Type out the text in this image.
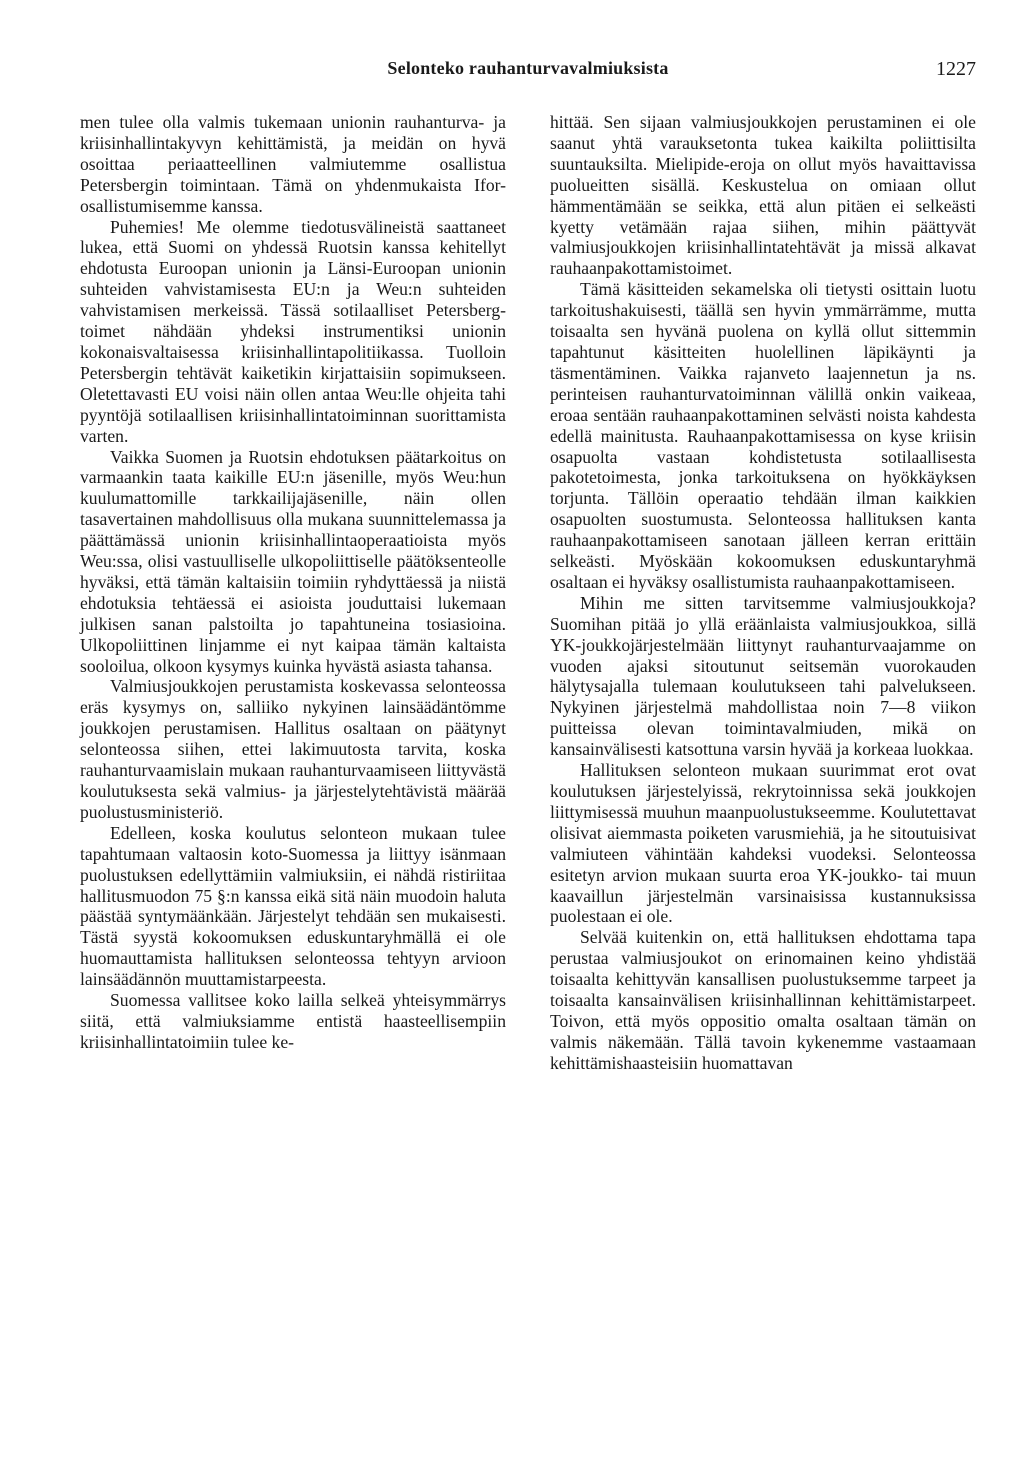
Selonteko rauhanturvavalmiuksista	1227

men tulee olla valmis tukemaan unionin rauhanturva- ja kriisinhallintakyvyn kehittämistä, ja meidän on hyvä osoittaa periaatteellinen valmiutemme osallistua Petersbergin toimintaan. Tämä on yhdenmukaista Ifor-osallistumisemme kanssa.

Puhemies! Me olemme tiedotusvälineistä saattaneet lukea, että Suomi on yhdessä Ruotsin kanssa kehitellyt ehdotusta Euroopan unionin ja Länsi-Euroopan unionin suhteiden vahvistamisesta EU:n ja Weu:n suhteiden vahvistamisen merkeissä. Tässä sotilaalliset Petersberg-toimet nähdään yhdeksi instrumentiksi unionin kokonaisvaltaisessa kriisinhallintapolitiikassa. Tuolloin Petersbergin tehtävät kaiketikin kirjattaisiin sopimukseen. Oletettavasti EU voisi näin ollen antaa Weu:lle ohjeita tahi pyyntöjä sotilaallisen kriisinhallintatoiminnan suorittamista varten.

Vaikka Suomen ja Ruotsin ehdotuksen päätarkoitus on varmaankin taata kaikille EU:n jäsenille, myös Weu:hun kuulumattomille tarkkailijajäsenille, näin ollen tasavertainen mahdollisuus olla mukana suunnittelemassa ja päättämässä unionin kriisinhallintaoperaatioista myös Weu:ssa, olisi vastuulliselle ulkopoliittiselle päätöksenteolle hyväksi, että tämän kaltaisiin toimiin ryhdyttäessä ja niistä ehdotuksia tehtäessä ei asioista jouduttaisi lukemaan julkisen sanan palstoilta jo tapahtuneina tosiasioina. Ulkopoliittinen linjamme ei nyt kaipaa tämän kaltaista sooloilua, olkoon kysymys kuinka hyvästä asiasta tahansa.

Valmiusjoukkojen perustamista koskevassa selonteossa eräs kysymys on, salliiko nykyinen lainsäädäntömme joukkojen perustamisen. Hallitus osaltaan on päätynyt selonteossa siihen, ettei lakimuutosta tarvita, koska rauhanturvaamislain mukaan rauhanturvaamiseen liittyvästä koulutuksesta sekä valmius- ja järjestelytehtävistä määrää puolustusministeriö.

Edelleen, koska koulutus selonteon mukaan tulee tapahtumaan valtaosin koto-Suomessa ja liittyy isänmaan puolustuksen edellyttämiin valmiuksiin, ei nähdä ristiriitaa hallitusmuodon 75 §:n kanssa eikä sitä näin muodoin haluta päästää syntymäänkään. Järjestelyt tehdään sen mukaisesti. Tästä syystä kokoomuksen eduskuntaryhmällä ei ole huomauttamista hallituksen selonteossa tehtyyn arvioon lainsäädännön muuttamistarpeesta.

Suomessa vallitsee koko lailla selkeä yhteisymmärrys siitä, että valmiuksiamme entistä haasteellisempiin kriisinhallintatoimiin tulee ke-

hittää. Sen sijaan valmiusjoukkojen perustaminen ei ole saanut yhtä varauksetonta tukea kaikilta poliittisilta suuntauksilta. Mielipide-eroja on ollut myös havaittavissa puolueitten sisällä. Keskustelua on omiaan ollut hämmentämään se seikka, että alun pitäen ei selkeästi kyetty vetämään rajaa siihen, mihin päättyvät valmiusjoukkojen kriisinhallintatehtävät ja missä alkavat rauhaanpakottamistoimet.

Tämä käsitteiden sekamelska oli tietysti osittain luotu tarkoitushakuisesti, täällä sen hyvin ymmärrämme, mutta toisaalta sen hyvänä puolena on kyllä ollut sittemmin tapahtunut käsitteiten huolellinen läpikäynti ja täsmentäminen. Vaikka rajanveto laajennetun ja ns. perinteisen rauhanturvatoiminnan välillä onkin vaikeaa, eroaa sentään rauhaanpakottaminen selvästi noista kahdesta edellä mainitusta. Rauhaanpakottamisessa on kyse kriisin osapuolta vastaan kohdistetusta sotilaallisesta pakotetoimesta, jonka tarkoituksena on hyökkäyksen torjunta. Tällöin operaatio tehdään ilman kaikkien osapuolten suostumusta. Selonteossa hallituksen kanta rauhaanpakottamiseen sanotaan jälleen kerran erittäin selkeästi. Myöskään kokoomuksen eduskuntaryhmä osaltaan ei hyväksy osallistumista rauhaanpakottamiseen.

Mihin me sitten tarvitsemme valmiusjoukkoja? Suomihan pitää jo yllä eräänlaista valmiusjoukkoa, sillä YK-joukkojärjestelmään liittynyt rauhanturvaajamme on vuoden ajaksi sitoutunut seitsemän vuorokauden hälytysajalla tulemaan koulutukseen tahi palvelukseen. Nykyinen järjestelmä mahdollistaa noin 7—8 viikon puitteissa olevan toimintavalmiuden, mikä on kansainvälisesti katsottuna varsin hyvää ja korkeaa luokkaa.

Hallituksen selonteon mukaan suurimmat erot ovat koulutuksen järjestelyissä, rekrytoinnissa sekä joukkojen liittymisessä muuhun maanpuolustukseemme. Koulutettavat olisivat aiemmasta poiketen varusmiehiä, ja he sitoutuisivat valmiuteen vähintään kahdeksi vuodeksi. Selonteossa esitetyn arvion mukaan suurta eroa YK-joukko- tai muun kaavaillun järjestelmän varsinaisissa kustannuksissa puolestaan ei ole.

Selvää kuitenkin on, että hallituksen ehdottama tapa perustaa valmiusjoukot on erinomainen keino yhdistää toisaalta kehittyvän kansallisen puolustuksemme tarpeet ja toisaalta kansainvälisen kriisinhallinnan kehittämistarpeet. Toivon, että myös oppositio omalta osaltaan tämän on valmis näkemään. Tällä tavoin kykenemme vastaamaan kehittämishaasteisiin huomattavan
